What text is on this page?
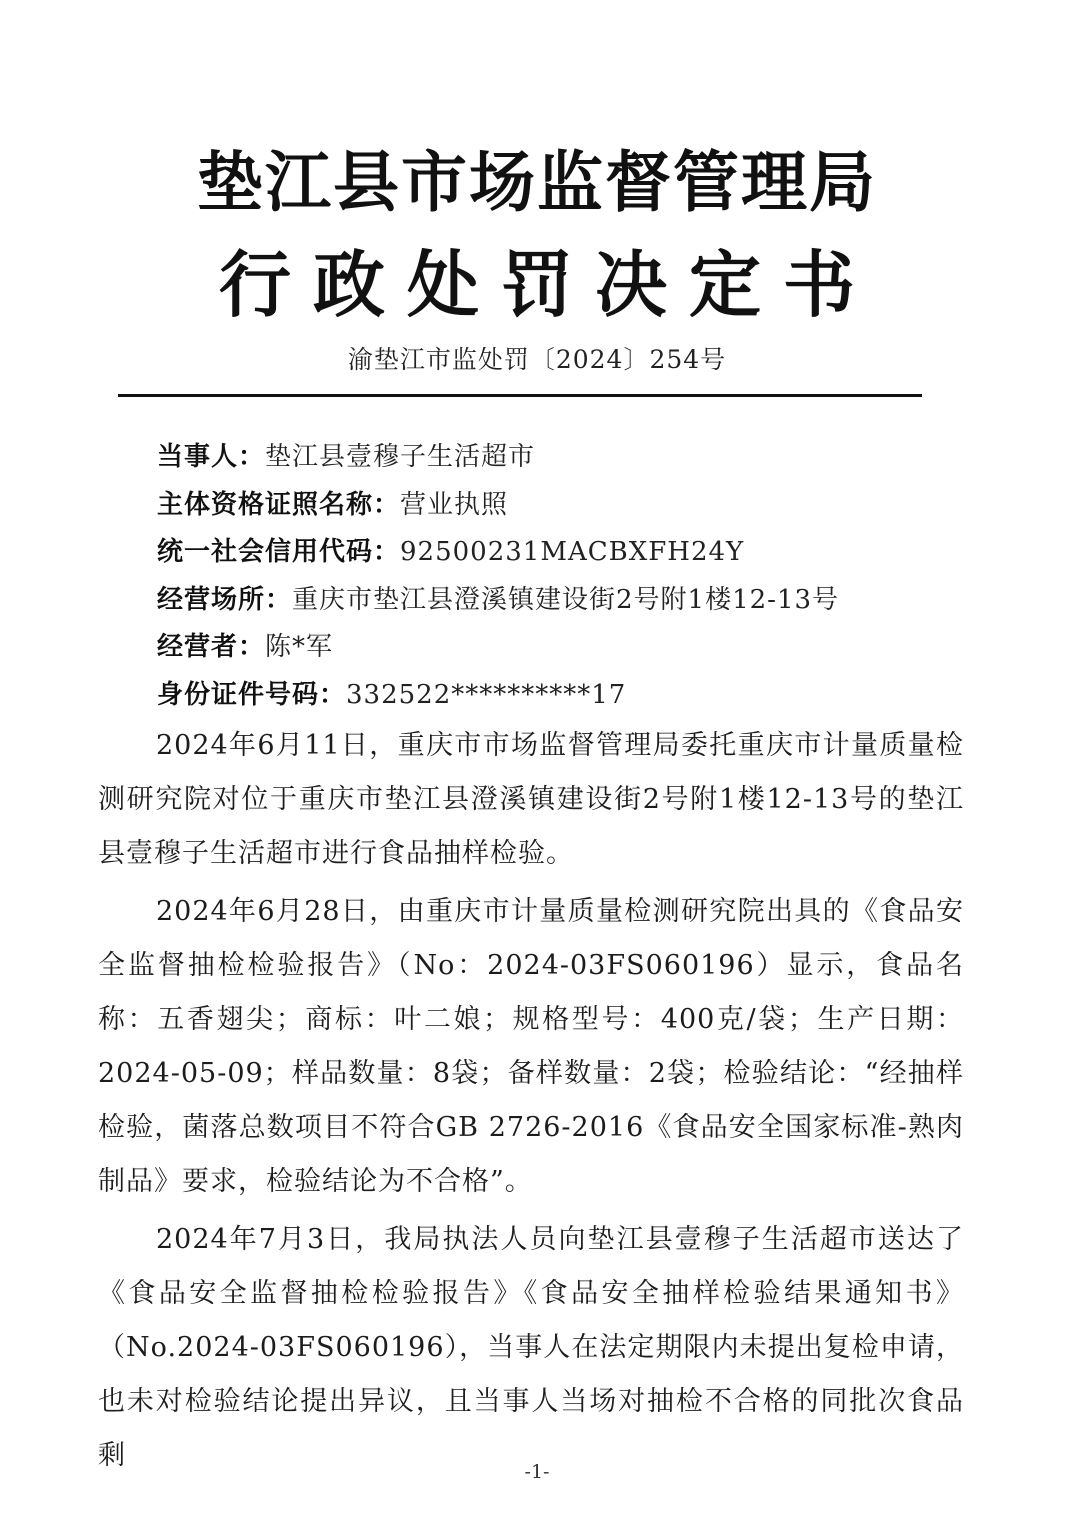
垫江县市场监督管理局
行政处罚决定书
渝垫江市监处罚〔2024〕254号
当事人：垫江县壹穆子生活超市
主体资格证照名称：营业执照
统一社会信用代码：92500231MACBXFH24Y
经营场所：重庆市垫江县澄溪镇建设街2号附1楼12-13号
经营者：陈*军
身份证件号码：332522**********17

2024年6月11日，重庆市市场监督管理局委托重庆市计量质量检测研究院对位于重庆市垫江县澄溪镇建设街2号附1楼12-13号的垫江县壹穆子生活超市进行食品抽样检验。

2024年6月28日，由重庆市计量质量检测研究院出具的《食品安全监督抽检检验报告》（No：2024-03FS060196）显示，食品名称：五香翅尖；商标：叶二娘；规格型号：400克/袋；生产日期：2024-05-09；样品数量：8袋；备样数量：2袋；检验结论：“经抽样检验，菌落总数项目不符合GB 2726-2016《食品安全国家标准-熟肉制品》要求，检验结论为不合格”。

2024年7月3日，我局执法人员向垫江县壹穆子生活超市送达了《食品安全监督抽检检验报告》《食品安全抽样检验结果通知书》（No.2024-03FS060196），当事人在法定期限内未提出复检申请，也未对检验结论提出异议，且当事人当场对抽检不合格的同批次食品剩

-1-
